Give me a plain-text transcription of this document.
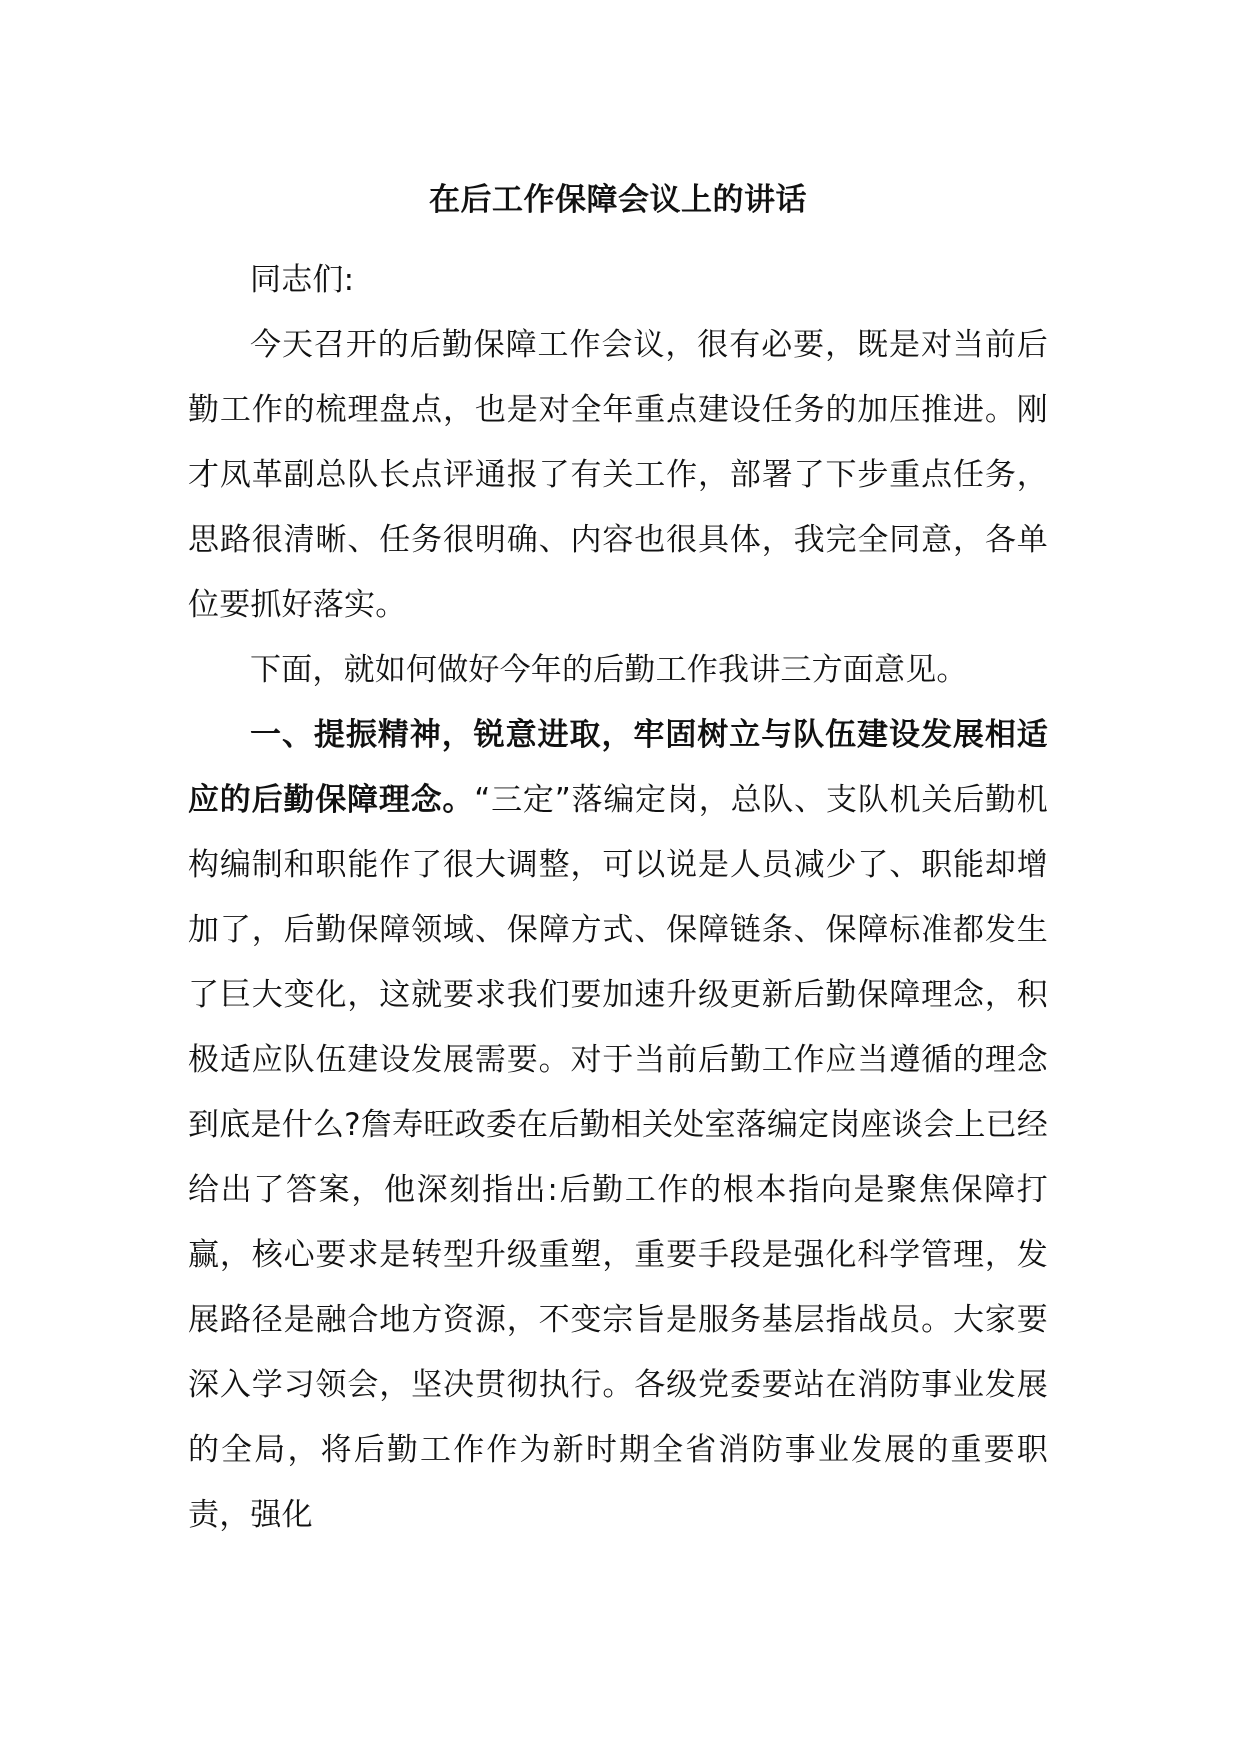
在后工作保障会议上的讲话

同志们:

今天召开的后勤保障工作会议，很有必要，既是对当前后勤工作的梳理盘点，也是对全年重点建设任务的加压推进。刚才凤革副总队长点评通报了有关工作，部署了下步重点任务，思路很清晰、任务很明确、内容也很具体，我完全同意，各单位要抓好落实。

下面，就如何做好今年的后勤工作我讲三方面意见。

一、提振精神，锐意进取，牢固树立与队伍建设发展相适应的后勤保障理念。“三定”落编定岗，总队、支队机关后勤机构编制和职能作了很大调整，可以说是人员减少了、职能却增加了，后勤保障领域、保障方式、保障链条、保障标准都发生了巨大变化，这就要求我们要加速升级更新后勤保障理念，积极适应队伍建设发展需要。对于当前后勤工作应当遵循的理念到底是什么?詹寿旺政委在后勤相关处室落编定岗座谈会上已经给出了答案，他深刻指出:后勤工作的根本指向是聚焦保障打赢，核心要求是转型升级重塑，重要手段是强化科学管理，发展路径是融合地方资源，不变宗旨是服务基层指战员。大家要深入学习领会，坚决贯彻执行。各级党委要站在消防事业发展的全局，将后勤工作作为新时期全省消防事业发展的重要职责，强化
